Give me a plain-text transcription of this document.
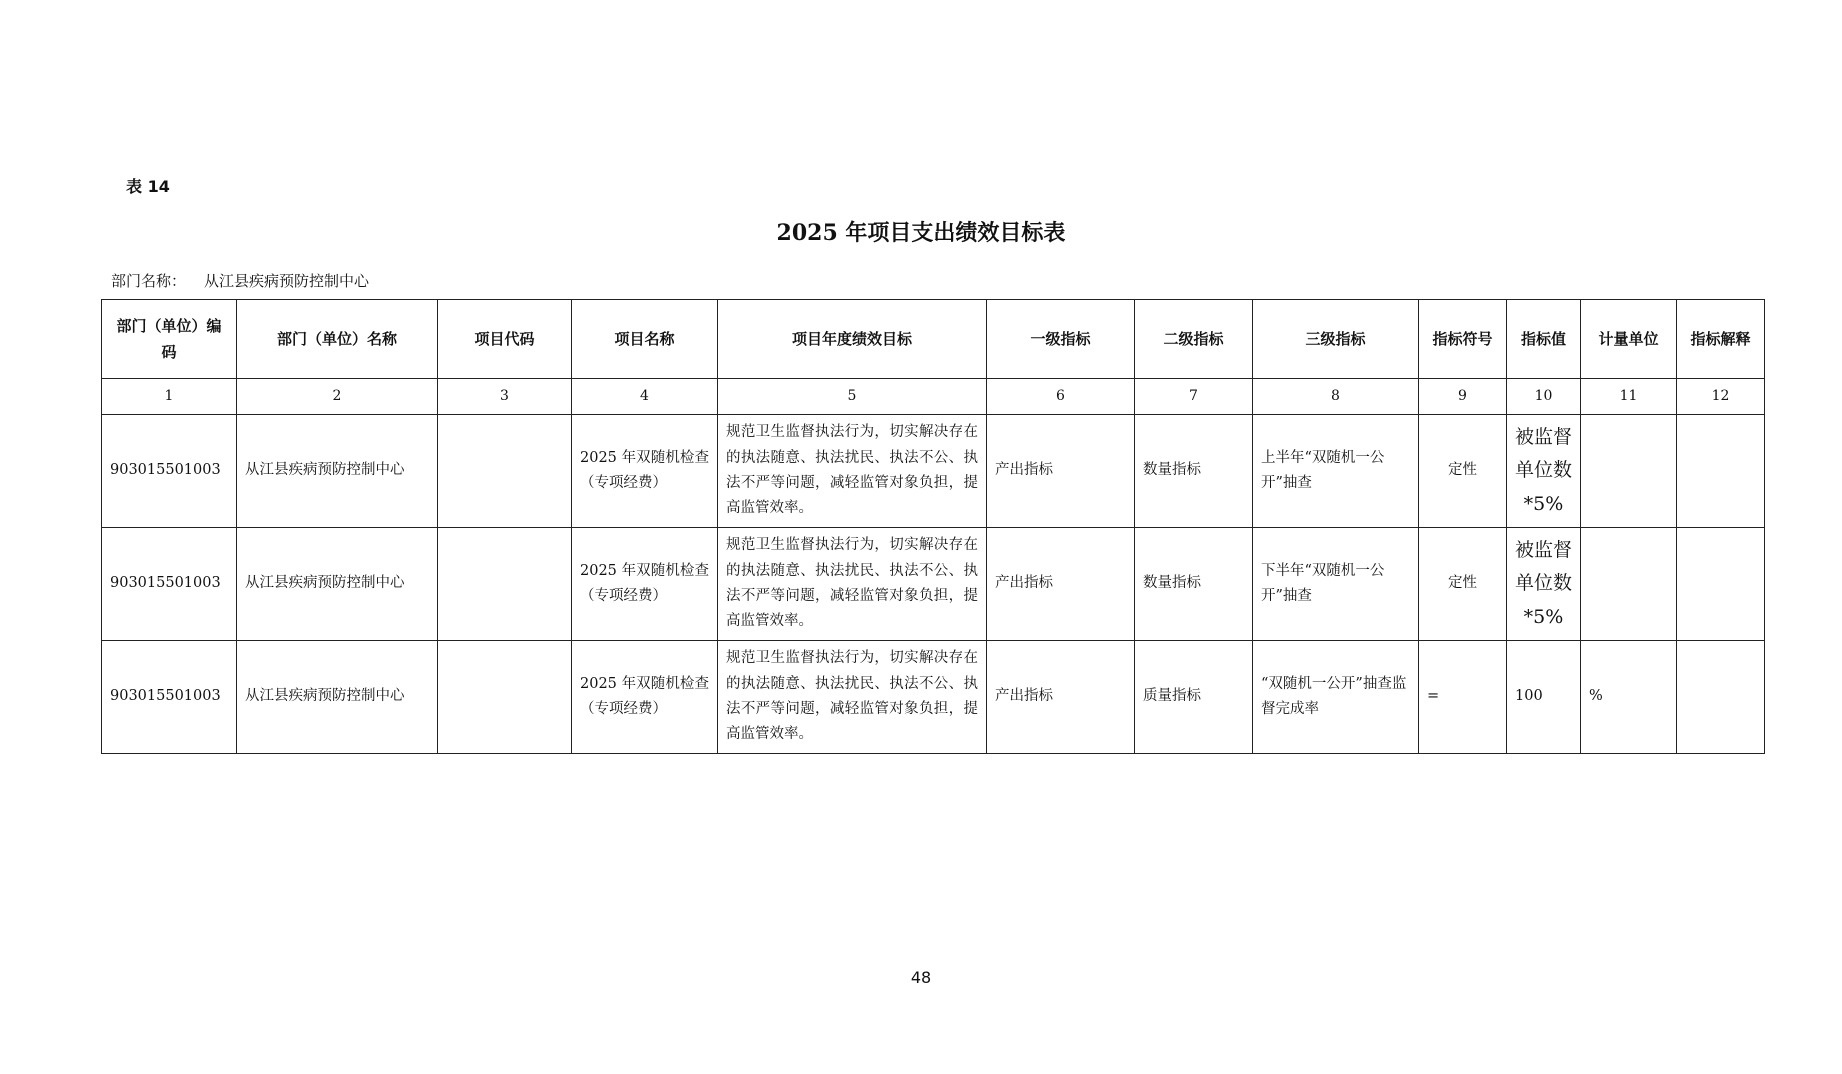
表 14
2025 年项目支出绩效目标表
部门名称： 从江县疾病预防控制中心
部门（单位）编码	部门（单位）名称	项目代码	项目名称	项目年度绩效目标	一级指标	二级指标	三级指标	指标符号	指标值	计量单位	指标解释
1	2	3	4	5	6	7	8	9	10	11	12
903015501003	从江县疾病预防控制中心		2025 年双随机检查（专项经费）	规范卫生监督执法行为，切实解决存在的执法随意、执法扰民、执法不公、执法不严等问题，减轻监管对象负担，提高监管效率。	产出指标	数量指标	上半年“双随机一公开”抽查	定性	被监督单位数*5%		
903015501003	从江县疾病预防控制中心		2025 年双随机检查（专项经费）	规范卫生监督执法行为，切实解决存在的执法随意、执法扰民、执法不公、执法不严等问题，减轻监管对象负担，提高监管效率。	产出指标	数量指标	下半年“双随机一公开”抽查	定性	被监督单位数*5%		
903015501003	从江县疾病预防控制中心		2025 年双随机检查（专项经费）	规范卫生监督执法行为，切实解决存在的执法随意、执法扰民、执法不公、执法不严等问题，减轻监管对象负担，提高监管效率。	产出指标	质量指标	“双随机一公开”抽查监督完成率	=	100	%	
48
